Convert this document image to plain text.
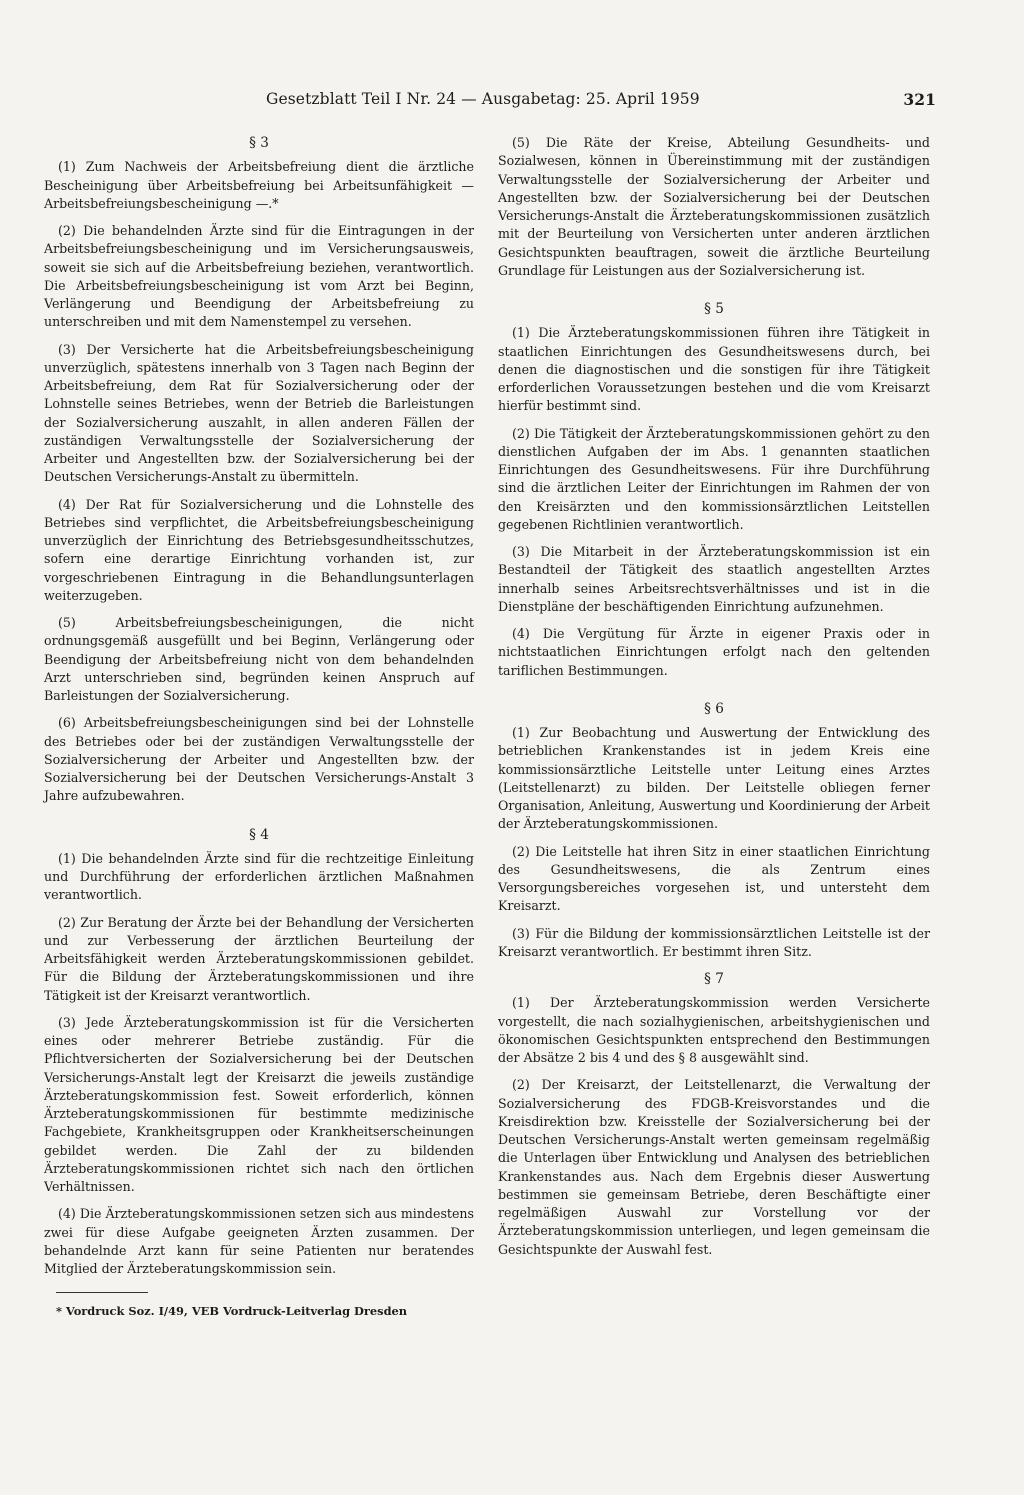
Gesetzblatt Teil I Nr. 24 — Ausgabetag: 25. April 1959	321
§ 3

(1) Zum Nachweis der Arbeitsbefreiung dient die ärztliche Bescheinigung über Arbeitsbefreiung bei Arbeitsunfähigkeit — Arbeitsbefreiungsbescheinigung —.*

(2) Die behandelnden Ärzte sind für die Eintragungen in der Arbeitsbefreiungsbescheinigung und im Versicherungsausweis, soweit sie sich auf die Arbeitsbefreiung beziehen, verantwortlich. Die Arbeitsbefreiungsbescheinigung ist vom Arzt bei Beginn, Verlängerung und Beendigung der Arbeitsbefreiung zu unterschreiben und mit dem Namenstempel zu versehen.

(3) Der Versicherte hat die Arbeitsbefreiungsbescheinigung unverzüglich, spätestens innerhalb von 3 Tagen nach Beginn der Arbeitsbefreiung, dem Rat für Sozialversicherung oder der Lohnstelle seines Betriebes, wenn der Betrieb die Barleistungen der Sozialversicherung auszahlt, in allen anderen Fällen der zuständigen Verwaltungsstelle der Sozialversicherung der Arbeiter und Angestellten bzw. der Sozialversicherung bei der Deutschen Versicherungs-Anstalt zu übermitteln.

(4) Der Rat für Sozialversicherung und die Lohnstelle des Betriebes sind verpflichtet, die Arbeitsbefreiungsbescheinigung unverzüglich der Einrichtung des Betriebsgesundheitsschutzes, sofern eine derartige Einrichtung vorhanden ist, zur vorgeschriebenen Eintragung in die Behandlungsunterlagen weiterzugeben.

(5) Arbeitsbefreiungsbescheinigungen, die nicht ordnungsgemäß ausgefüllt und bei Beginn, Verlängerung oder Beendigung der Arbeitsbefreiung nicht von dem behandelnden Arzt unterschrieben sind, begründen keinen Anspruch auf Barleistungen der Sozialversicherung.

(6) Arbeitsbefreiungsbescheinigungen sind bei der Lohnstelle des Betriebes oder bei der zuständigen Verwaltungsstelle der Sozialversicherung der Arbeiter und Angestellten bzw. der Sozialversicherung bei der Deutschen Versicherungs-Anstalt 3 Jahre aufzubewahren.

§ 4

(1) Die behandelnden Ärzte sind für die rechtzeitige Einleitung und Durchführung der erforderlichen ärztlichen Maßnahmen verantwortlich.

(2) Zur Beratung der Ärzte bei der Behandlung der Versicherten und zur Verbesserung der ärztlichen Beurteilung der Arbeitsfähigkeit werden Ärzteberatungskommissionen gebildet. Für die Bildung der Ärzteberatungskommissionen und ihre Tätigkeit ist der Kreisarzt verantwortlich.

(3) Jede Ärzteberatungskommission ist für die Versicherten eines oder mehrerer Betriebe zuständig. Für die Pflichtversicherten der Sozialversicherung bei der Deutschen Versicherungs-Anstalt legt der Kreisarzt die jeweils zuständige Ärzteberatungskommission fest. Soweit erforderlich, können Ärzteberatungskommissionen für bestimmte medizinische Fachgebiete, Krankheitsgruppen oder Krankheitserscheinungen gebildet werden. Die Zahl der zu bildenden Ärzteberatungskommissionen richtet sich nach den örtlichen Verhältnissen.

(4) Die Ärzteberatungskommissionen setzen sich aus mindestens zwei für diese Aufgabe geeigneten Ärzten zusammen. Der behandelnde Arzt kann für seine Patienten nur beratendes Mitglied der Ärzteberatungskommission sein.

* Vordruck Soz. I/49, VEB Vordruck-Leitverlag Dresden

(5) Die Räte der Kreise, Abteilung Gesundheits- und Sozialwesen, können in Übereinstimmung mit der zuständigen Verwaltungsstelle der Sozialversicherung der Arbeiter und Angestellten bzw. der Sozialversicherung bei der Deutschen Versicherungs-Anstalt die Ärzteberatungskommissionen zusätzlich mit der Beurteilung von Versicherten unter anderen ärztlichen Gesichtspunkten beauftragen, soweit die ärztliche Beurteilung Grundlage für Leistungen aus der Sozialversicherung ist.

§ 5

(1) Die Ärzteberatungskommissionen führen ihre Tätigkeit in staatlichen Einrichtungen des Gesundheitswesens durch, bei denen die diagnostischen und die sonstigen für ihre Tätigkeit erforderlichen Voraussetzungen bestehen und die vom Kreisarzt hierfür bestimmt sind.

(2) Die Tätigkeit der Ärzteberatungskommissionen gehört zu den dienstlichen Aufgaben der im Abs. 1 genannten staatlichen Einrichtungen des Gesundheitswesens. Für ihre Durchführung sind die ärztlichen Leiter der Einrichtungen im Rahmen der von den Kreisärzten und den kommissionsärztlichen Leitstellen gegebenen Richtlinien verantwortlich.

(3) Die Mitarbeit in der Ärzteberatungskommission ist ein Bestandteil der Tätigkeit des staatlich angestellten Arztes innerhalb seines Arbeitsrechtsverhältnisses und ist in die Dienstpläne der beschäftigenden Einrichtung aufzunehmen.

(4) Die Vergütung für Ärzte in eigener Praxis oder in nichtstaatlichen Einrichtungen erfolgt nach den geltenden tariflichen Bestimmungen.

§ 6

(1) Zur Beobachtung und Auswertung der Entwicklung des betrieblichen Krankenstandes ist in jedem Kreis eine kommissionsärztliche Leitstelle unter Leitung eines Arztes (Leitstellenarzt) zu bilden. Der Leitstelle obliegen ferner Organisation, Anleitung, Auswertung und Koordinierung der Arbeit der Ärzteberatungskommissionen.

(2) Die Leitstelle hat ihren Sitz in einer staatlichen Einrichtung des Gesundheitswesens, die als Zentrum eines Versorgungsbereiches vorgesehen ist, und untersteht dem Kreisarzt.

(3) Für die Bildung der kommissionsärztlichen Leitstelle ist der Kreisarzt verantwortlich. Er bestimmt ihren Sitz.

§ 7

(1) Der Ärzteberatungskommission werden Versicherte vorgestellt, die nach sozialhygienischen, arbeitshygienischen und ökonomischen Gesichtspunkten entsprechend den Bestimmungen der Absätze 2 bis 4 und des § 8 ausgewählt sind.

(2) Der Kreisarzt, der Leitstellenarzt, die Verwaltung der Sozialversicherung des FDGB-Kreisvorstandes und die Kreisdirektion bzw. Kreisstelle der Sozialversicherung bei der Deutschen Versicherungs-Anstalt werten gemeinsam regelmäßig die Unterlagen über Entwicklung und Analysen des betrieblichen Krankenstandes aus. Nach dem Ergebnis dieser Auswertung bestimmen sie gemeinsam Betriebe, deren Beschäftigte einer regelmäßigen Auswahl zur Vorstellung vor der Ärzteberatungskommission unterliegen, und legen gemeinsam die Gesichtspunkte der Auswahl fest.
